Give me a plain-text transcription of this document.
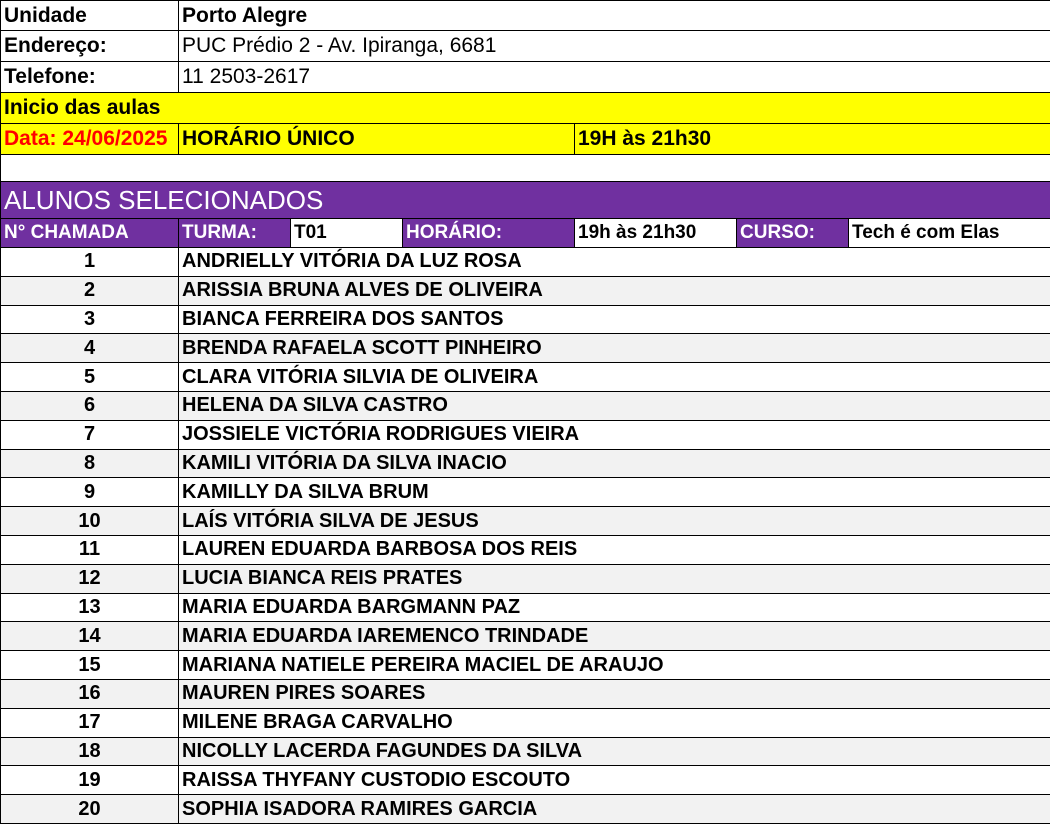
Unidade	Porto Alegre					
Endereço:	PUC Prédio 2 - Av. Ipiranga, 6681					
Telefone:	11 2503-2617					
Inicio das aulas						
Data: 24/06/2025	HORÁRIO ÚNICO			19H às 21h30		

ALUNOS SELECIONADOS						
N° CHAMADA	TURMA:	T01	HORÁRIO:	19h às 21h30	CURSO:	Tech é com Elas
1	ANDRIELLY VITÓRIA DA LUZ ROSA					
2	ARISSIA BRUNA ALVES DE OLIVEIRA					
3	BIANCA FERREIRA DOS SANTOS					
4	BRENDA RAFAELA SCOTT PINHEIRO					
5	CLARA VITÓRIA SILVIA DE OLIVEIRA					
6	HELENA DA SILVA CASTRO					
7	JOSSIELE VICTÓRIA RODRIGUES VIEIRA					
8	KAMILI VITÓRIA DA SILVA INACIO					
9	KAMILLY DA SILVA BRUM					
10	LAÍS VITÓRIA SILVA DE JESUS					
11	LAUREN EDUARDA BARBOSA DOS REIS					
12	LUCIA BIANCA REIS PRATES					
13	MARIA EDUARDA BARGMANN PAZ					
14	MARIA EDUARDA IAREMENCO TRINDADE					
15	MARIANA NATIELE PEREIRA MACIEL DE ARAUJO					
16	MAUREN PIRES SOARES					
17	MILENE BRAGA CARVALHO					
18	NICOLLY LACERDA FAGUNDES DA SILVA					
19	RAISSA THYFANY CUSTODIO ESCOUTO					
20	SOPHIA ISADORA RAMIRES GARCIA					
